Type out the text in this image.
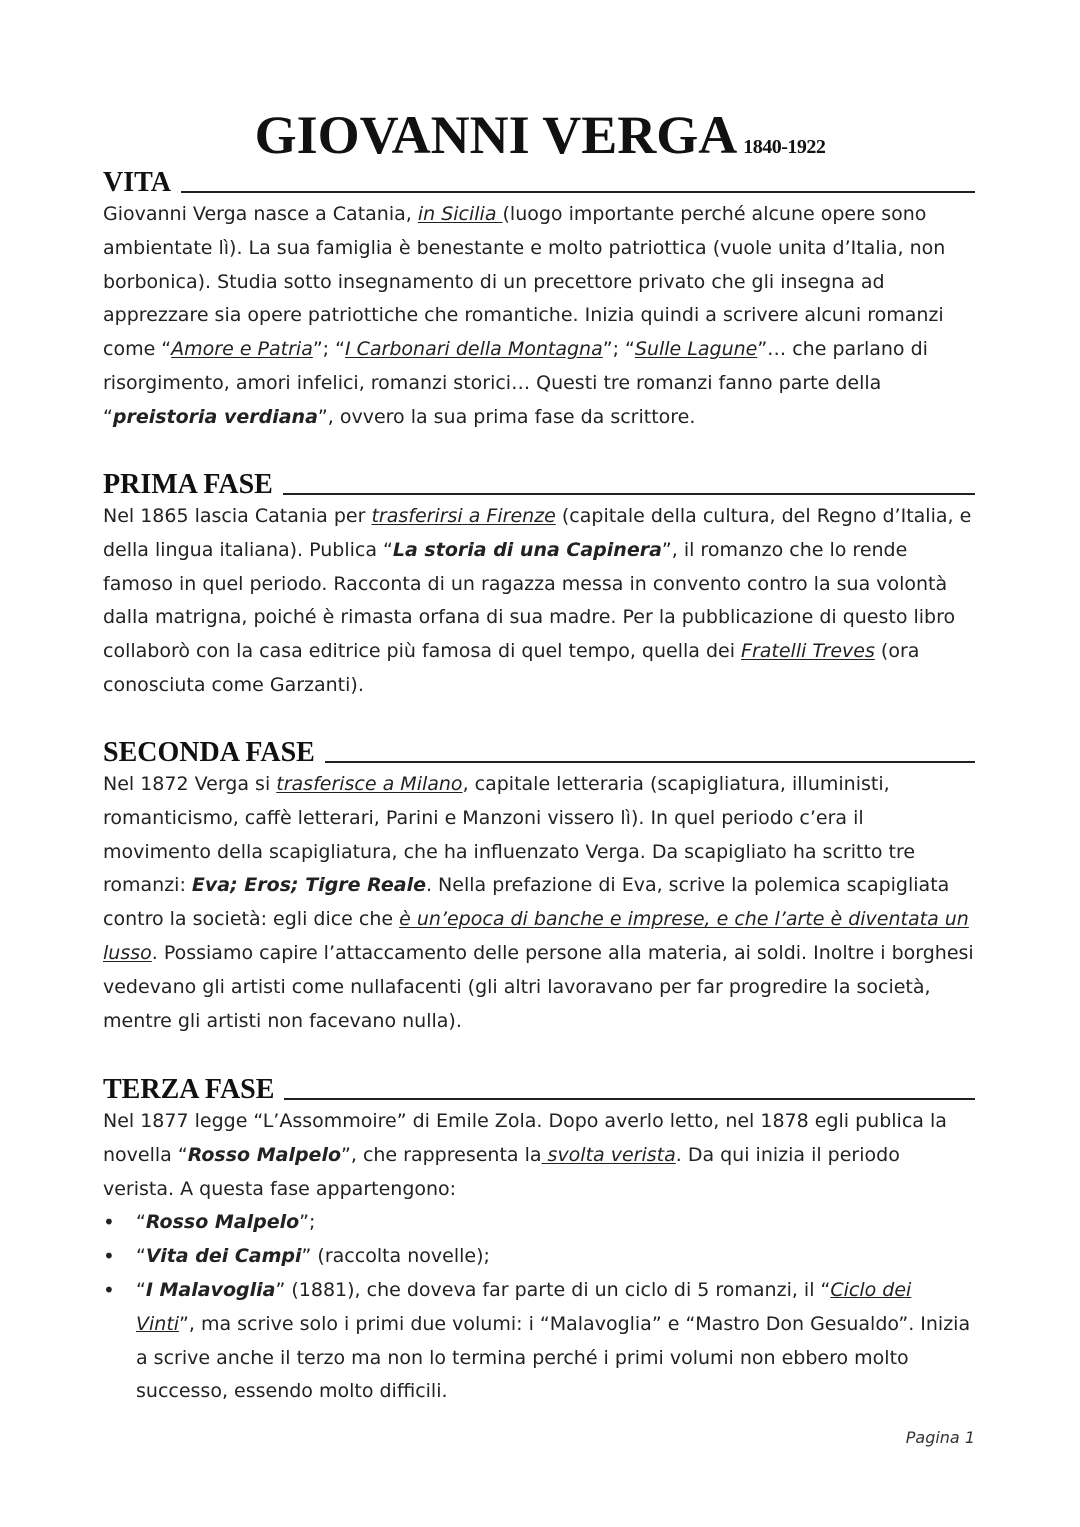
GIOVANNI VERGA 1840-1922
VITA

Giovanni Verga nasce a Catania, in Sicilia (luogo importante perché alcune opere sono ambientate lì). La sua famiglia è benestante e molto patriottica (vuole unita d’Italia, non borbonica). Studia sotto insegnamento di un precettore privato che gli insegna ad apprezzare sia opere patriottiche che romantiche. Inizia quindi a scrivere alcuni romanzi come “Amore e Patria”; “I Carbonari della Montagna”; “Sulle Lagune”… che parlano di risorgimento, amori infelici, romanzi storici… Questi tre romanzi fanno parte della “preistoria verdiana”, ovvero la sua prima fase da scrittore.

PRIMA FASE

Nel 1865 lascia Catania per trasferirsi a Firenze (capitale della cultura, del Regno d’Italia, e della lingua italiana). Publica “La storia di una Capinera”, il romanzo che lo rende famoso in quel periodo. Racconta di un ragazza messa in convento contro la sua volontà dalla matrigna, poiché è rimasta orfana di sua madre. Per la pubblicazione di questo libro collaborò con la casa editrice più famosa di quel tempo, quella dei Fratelli Treves (ora conosciuta come Garzanti).

SECONDA FASE

Nel 1872 Verga si trasferisce a Milano, capitale letteraria (scapigliatura, illuministi, romanticismo, caffè letterari, Parini e Manzoni vissero lì). In quel periodo c’era il movimento della scapigliatura, che ha influenzato Verga. Da scapigliato ha scritto tre romanzi: Eva; Eros; Tigre Reale. Nella prefazione di Eva, scrive la polemica scapigliata contro la società: egli dice che è un’epoca di banche e imprese, e che l’arte è diventata un lusso. Possiamo capire l’attaccamento delle persone alla materia, ai soldi. Inoltre i borghesi vedevano gli artisti come nullafacenti (gli altri lavoravano per far progredire la società, mentre gli artisti non facevano nulla).

TERZA FASE

Nel 1877 legge “L’Assommoire” di Emile Zola. Dopo averlo letto, nel 1878 egli publica la novella “Rosso Malpelo”, che rappresenta la svolta verista. Da qui inizia il periodo verista. A questa fase appartengono:

• “Rosso Malpelo”;
• “Vita dei Campi” (raccolta novelle);
• “I Malavoglia” (1881), che doveva far parte di un ciclo di 5 romanzi, il “Ciclo dei Vinti”, ma scrive solo i primi due volumi: i “Malavoglia” e “Mastro Don Gesualdo”. Inizia a scrive anche il terzo ma non lo termina perché i primi volumi non ebbero molto successo, essendo molto difficili.
Pagina 1
